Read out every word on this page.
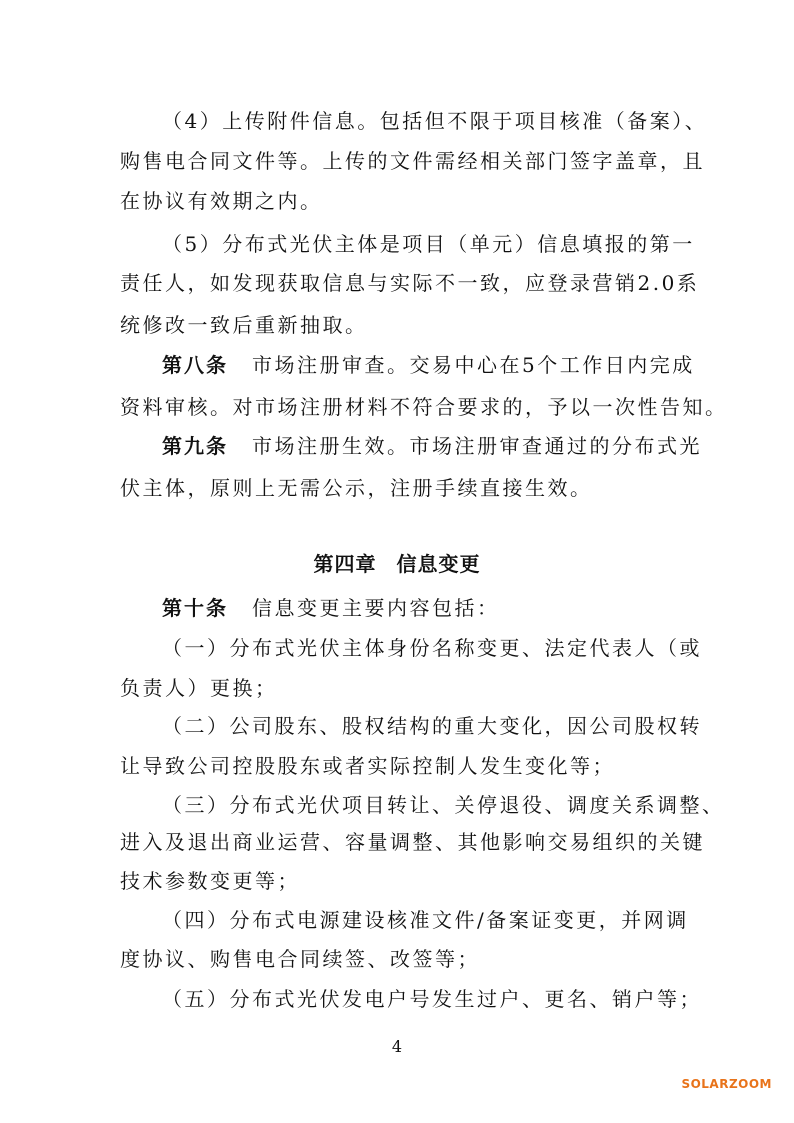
（4）上传附件信息。包括但不限于项目核准（备案）、
购售电合同文件等。上传的文件需经相关部门签字盖章，且
在协议有效期之内。
（5）分布式光伏主体是项目（单元）信息填报的第一
责任人，如发现获取信息与实际不一致，应登录营销2.0系
统修改一致后重新抽取。
第八条 市场注册审查。交易中心在5个工作日内完成
资料审核。对市场注册材料不符合要求的，予以一次性告知。
第九条 市场注册生效。市场注册审查通过的分布式光
伏主体，原则上无需公示，注册手续直接生效。
第四章 信息变更
第十条 信息变更主要内容包括：
（一）分布式光伏主体身份名称变更、法定代表人（或
负责人）更换；
（二）公司股东、股权结构的重大变化，因公司股权转
让导致公司控股股东或者实际控制人发生变化等；
（三）分布式光伏项目转让、关停退役、调度关系调整、
进入及退出商业运营、容量调整、其他影响交易组织的关键
技术参数变更等；
（四）分布式电源建设核准文件/备案证变更，并网调
度协议、购售电合同续签、改签等；
（五）分布式光伏发电户号发生过户、更名、销户等；
4
SOLARZOOM
